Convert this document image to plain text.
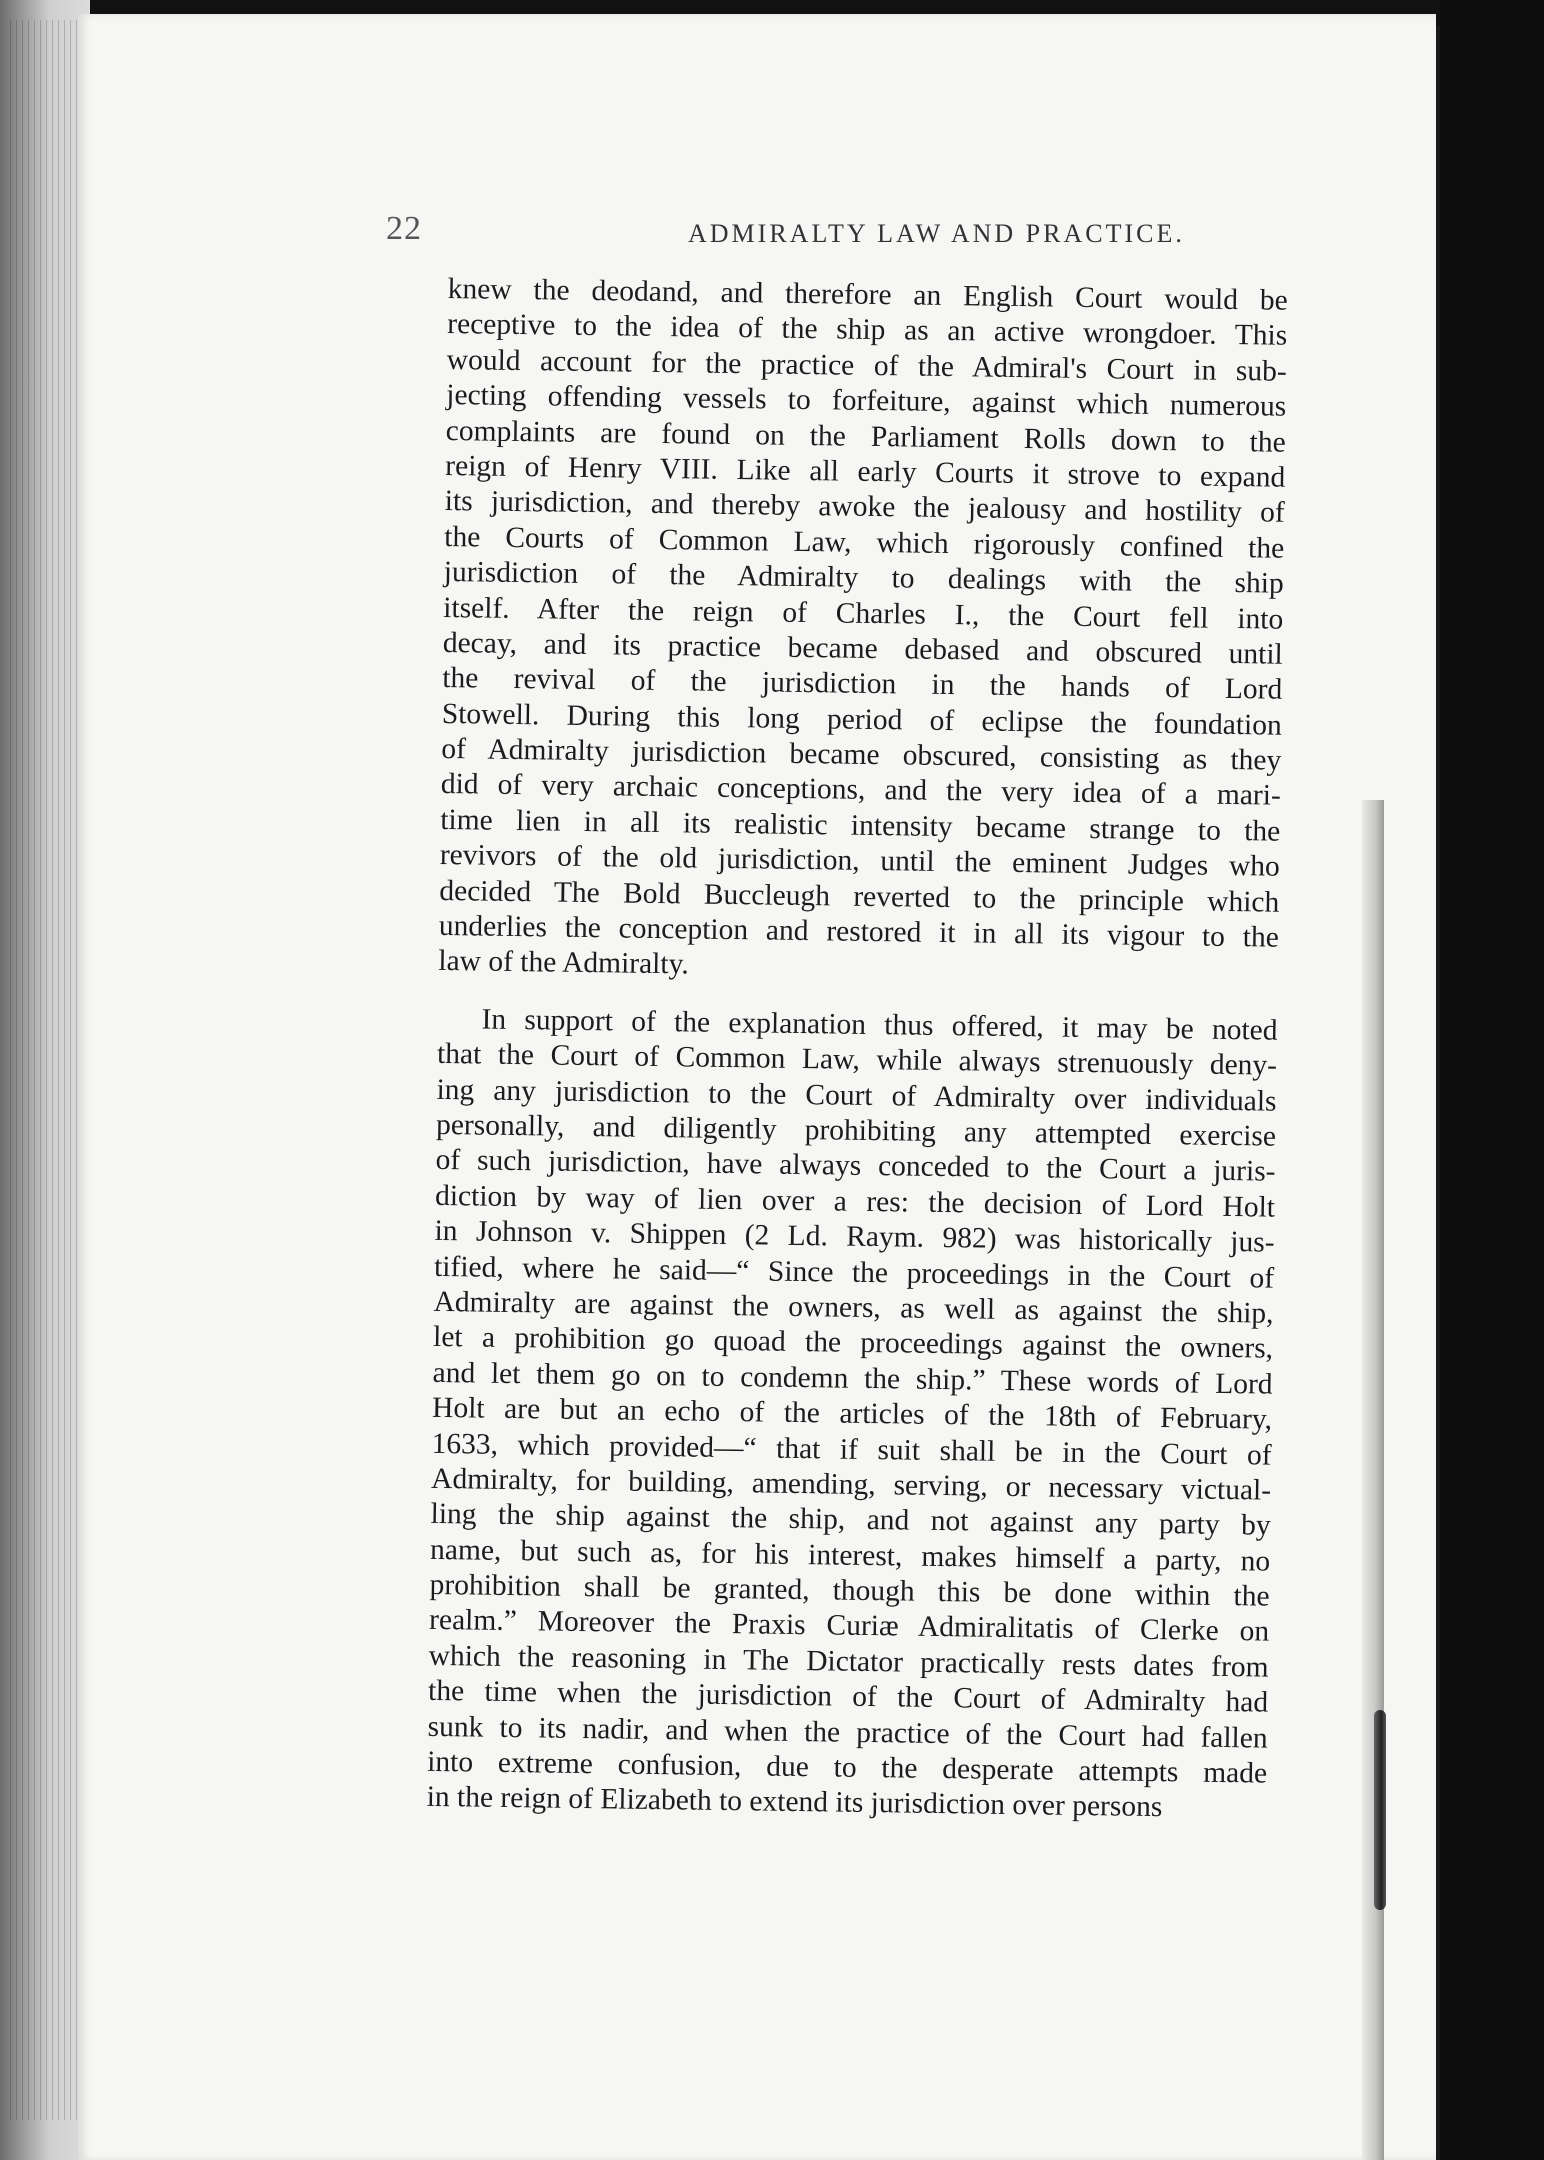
22	ADMIRALTY LAW AND PRACTICE.
knew the deodand, and therefore an English Court would be
receptive to the idea of the ship as an active wrongdoer. This
would account for the practice of the Admiral's Court in sub-
jecting offending vessels to forfeiture, against which numerous
complaints are found on the Parliament Rolls down to the
reign of Henry VIII. Like all early Courts it strove to expand
its jurisdiction, and thereby awoke the jealousy and hostility of
the Courts of Common Law, which rigorously confined the
jurisdiction of the Admiralty to dealings with the ship
itself. After the reign of Charles I., the Court fell into
decay, and its practice became debased and obscured until
the revival of the jurisdiction in the hands of Lord
Stowell. During this long period of eclipse the foundation
of Admiralty jurisdiction became obscured, consisting as they
did of very archaic conceptions, and the very idea of a mari-
time lien in all its realistic intensity became strange to the
revivors of the old jurisdiction, until the eminent Judges who
decided The Bold Buccleugh reverted to the principle which
underlies the conception and restored it in all its vigour to the
law of the Admiralty.
In support of the explanation thus offered, it may be noted
that the Court of Common Law, while always strenuously deny-
ing any jurisdiction to the Court of Admiralty over individuals
personally, and diligently prohibiting any attempted exercise
of such jurisdiction, have always conceded to the Court a juris-
diction by way of lien over a res: the decision of Lord Holt
in Johnson v. Shippen (2 Ld. Raym. 982) was historically jus-
tified, where he said—“ Since the proceedings in the Court of
Admiralty are against the owners, as well as against the ship,
let a prohibition go quoad the proceedings against the owners,
and let them go on to condemn the ship.” These words of Lord
Holt are but an echo of the articles of the 18th of February,
1633, which provided—“ that if suit shall be in the Court of
Admiralty, for building, amending, serving, or necessary victual-
ling the ship against the ship, and not against any party by
name, but such as, for his interest, makes himself a party, no
prohibition shall be granted, though this be done within the
realm.” Moreover the Praxis Curiæ Admiralitatis of Clerke on
which the reasoning in The Dictator practically rests dates from
the time when the jurisdiction of the Court of Admiralty had
sunk to its nadir, and when the practice of the Court had fallen
into extreme confusion, due to the desperate attempts made
in the reign of Elizabeth to extend its jurisdiction over persons
